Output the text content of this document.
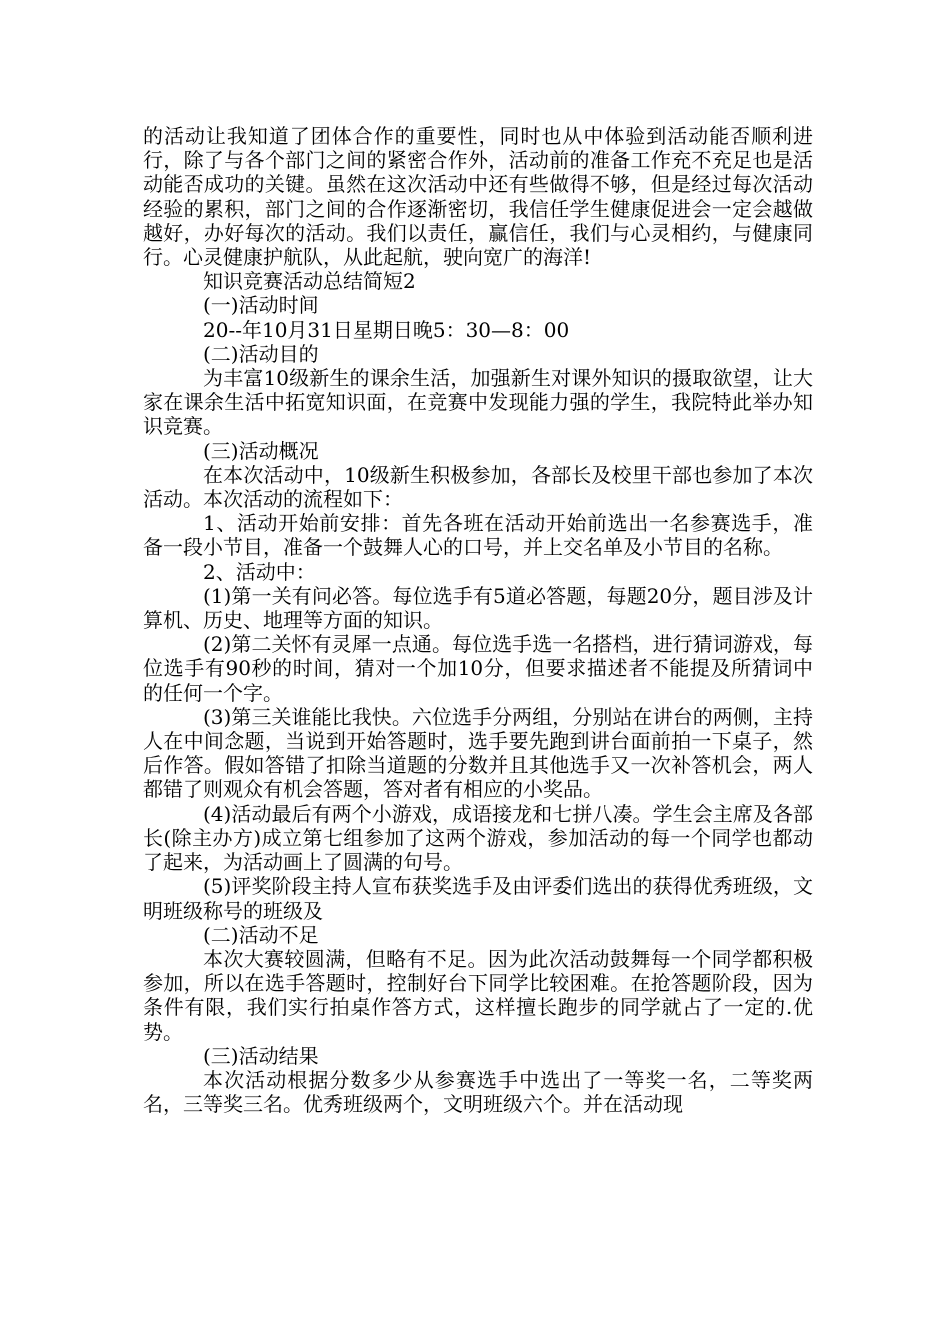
的活动让我知道了团体合作的重要性，同时也从中体验到活动能否顺利进行，除了与各个部门之间的紧密合作外，活动前的准备工作充不充足也是活动能否成功的关键。虽然在这次活动中还有些做得不够，但是经过每次活动经验的累积，部门之间的合作逐渐密切，我信任学生健康促进会一定会越做越好，办好每次的活动。我们以责任，赢信任，我们与心灵相约，与健康同行。心灵健康护航队，从此起航，驶向宽广的海洋!

知识竞赛活动总结简短2

(一)活动时间

20--年10月31日星期日晚5：30—8：00

(二)活动目的

为丰富10级新生的课余生活，加强新生对课外知识的摄取欲望，让大家在课余生活中拓宽知识面，在竞赛中发现能力强的学生，我院特此举办知识竞赛。

(三)活动概况

在本次活动中，10级新生积极参加，各部长及校里干部也参加了本次活动。本次活动的流程如下：

1、活动开始前安排：首先各班在活动开始前选出一名参赛选手，准备一段小节目，准备一个鼓舞人心的口号，并上交名单及小节目的名称。

2、活动中：

(1)第一关有问必答。每位选手有5道必答题，每题20分，题目涉及计算机、历史、地理等方面的知识。

(2)第二关怀有灵犀一点通。每位选手选一名搭档，进行猜词游戏，每位选手有90秒的时间，猜对一个加10分，但要求描述者不能提及所猜词中的任何一个字。

(3)第三关谁能比我快。六位选手分两组，分别站在讲台的两侧，主持人在中间念题，当说到开始答题时，选手要先跑到讲台面前拍一下桌子，然后作答。假如答错了扣除当道题的分数并且其他选手又一次补答机会，两人都错了则观众有机会答题，答对者有相应的小奖品。

(4)活动最后有两个小游戏，成语接龙和七拼八凑。学生会主席及各部长(除主办方)成立第七组参加了这两个游戏，参加活动的每一个同学也都动了起来，为活动画上了圆满的句号。

(5)评奖阶段主持人宣布获奖选手及由评委们选出的获得优秀班级，文明班级称号的班级及

(二)活动不足

本次大赛较圆满，但略有不足。因为此次活动鼓舞每一个同学都积极参加，所以在选手答题时，控制好台下同学比较困难。在抢答题阶段，因为条件有限，我们实行拍桌作答方式，这样擅长跑步的同学就占了一定的.优势。

(三)活动结果

本次活动根据分数多少从参赛选手中选出了一等奖一名，二等奖两名，三等奖三名。优秀班级两个，文明班级六个。并在活动现
